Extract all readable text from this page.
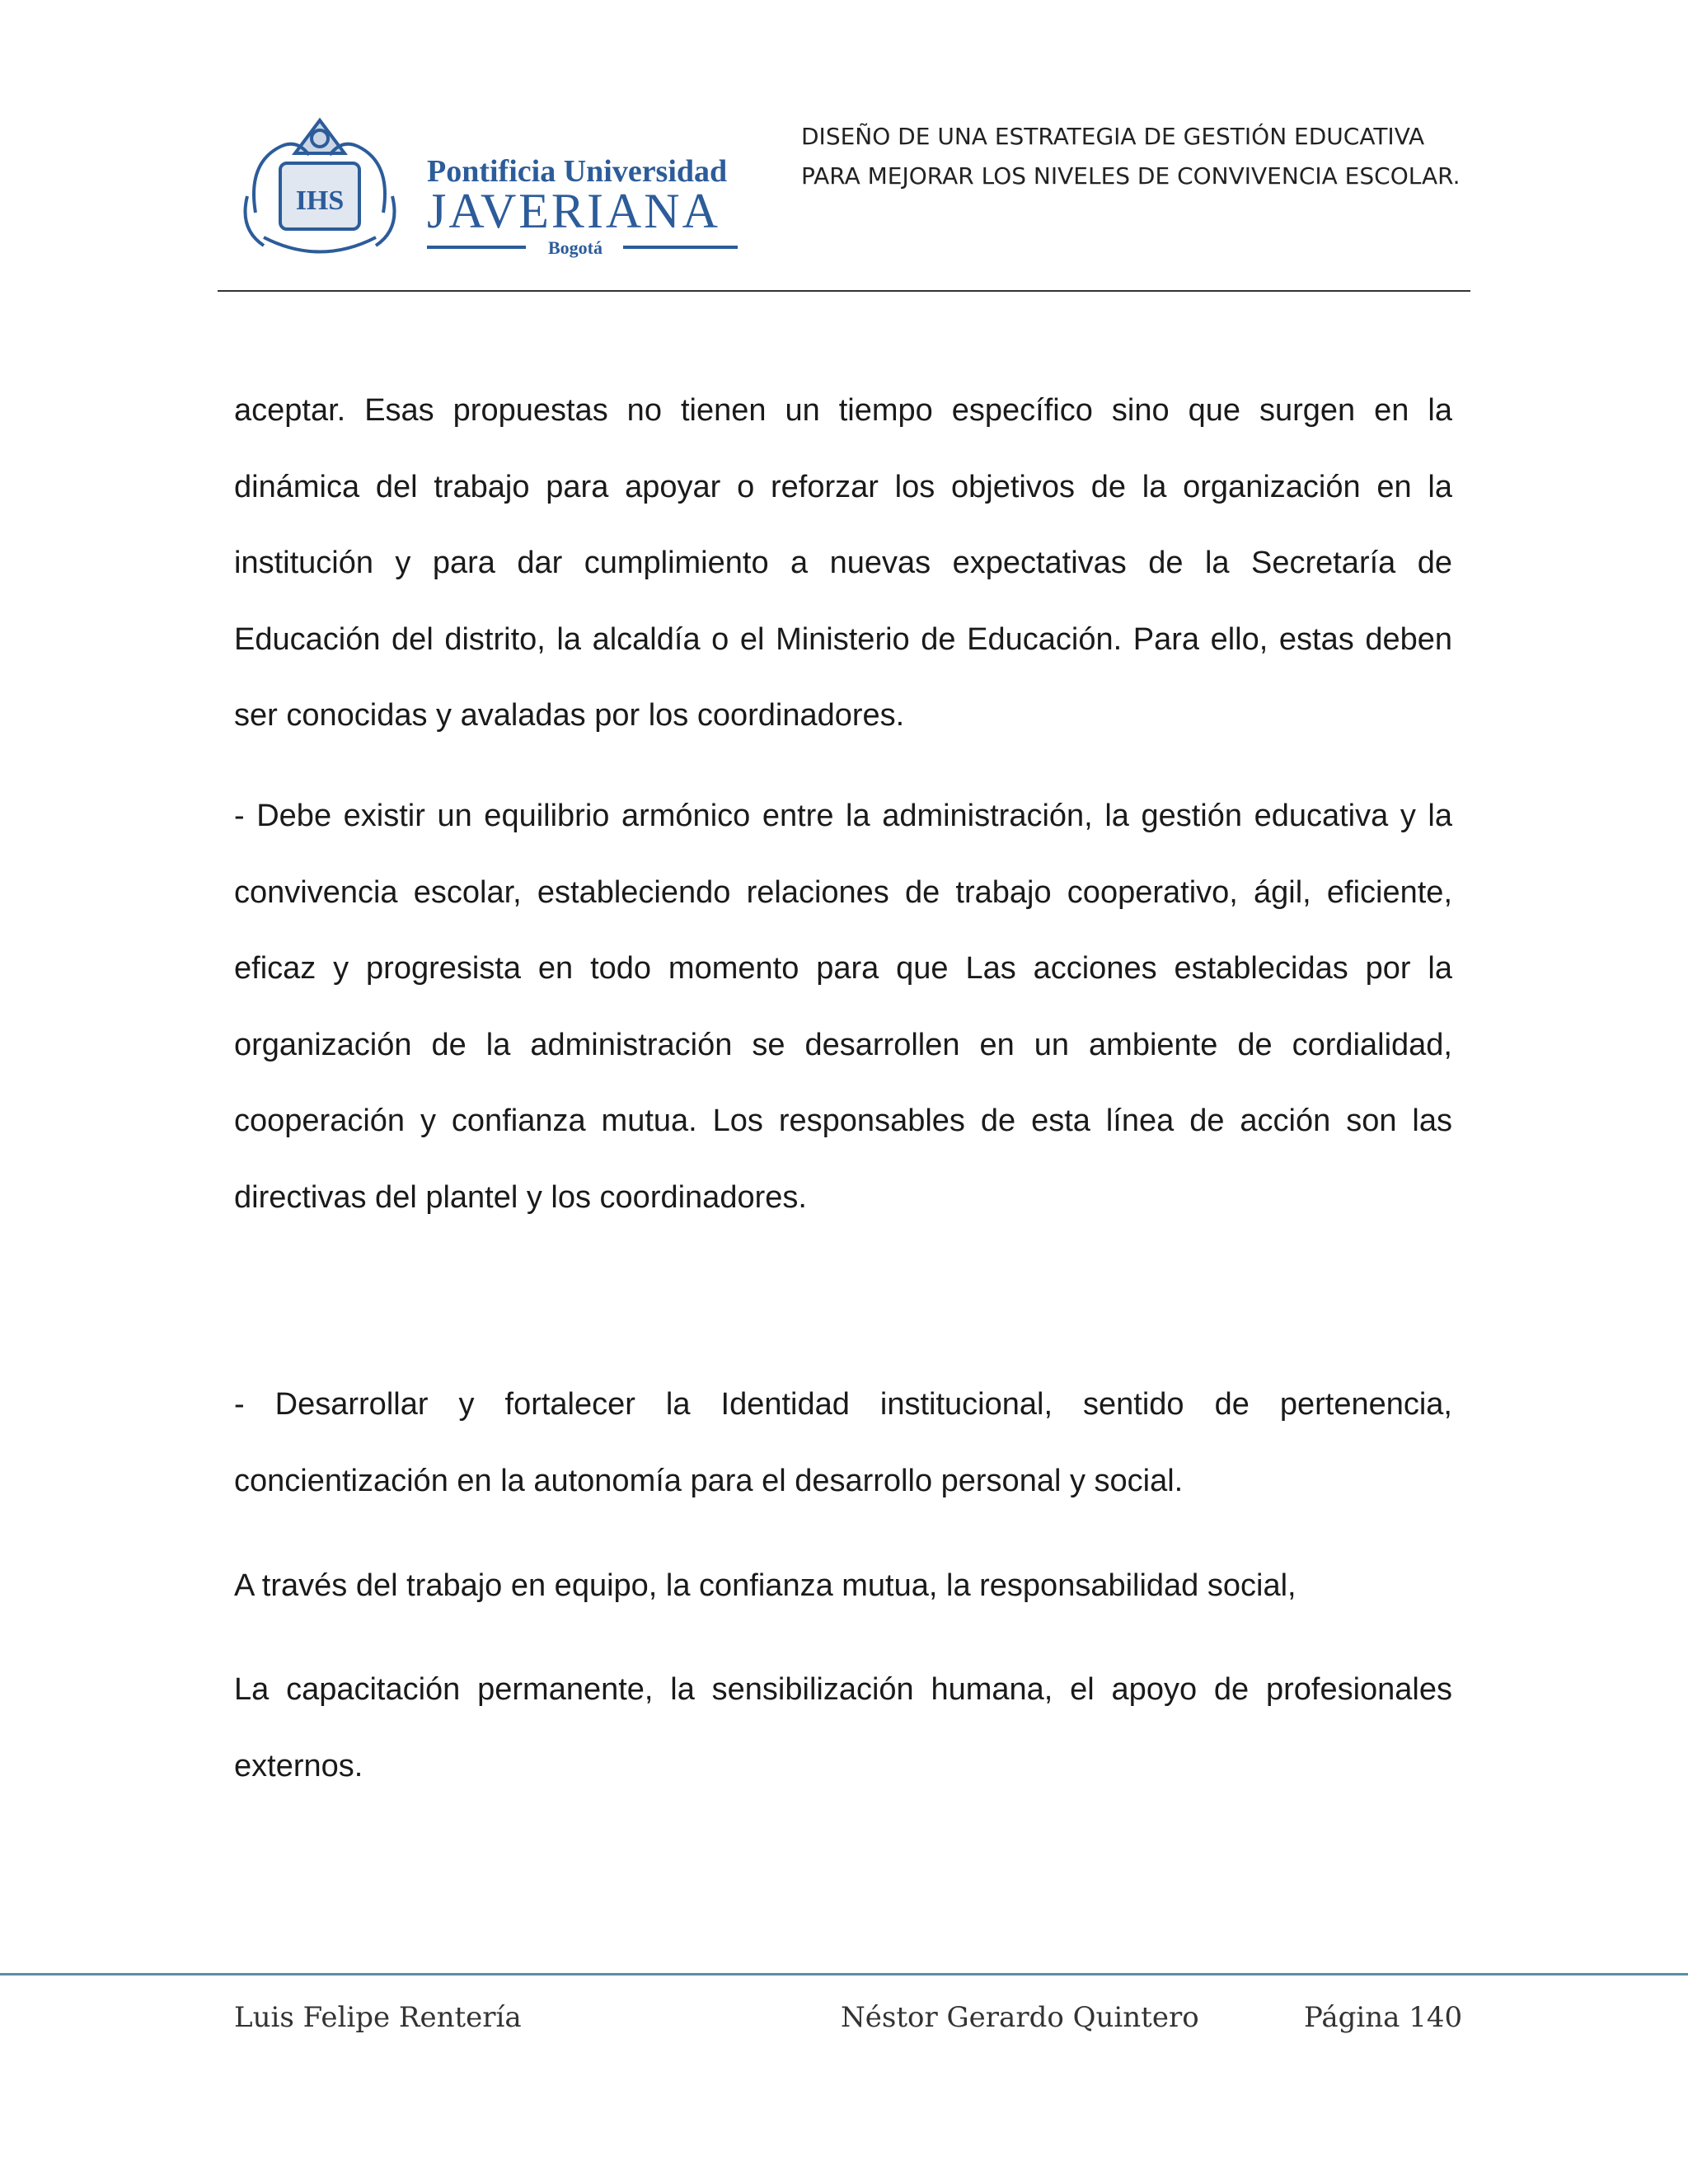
IHS
Pontificia Universidad
JAVERIANA
Bogotá
DISEÑO DE UNA ESTRATEGIA DE GESTIÓN EDUCATIVA
PARA MEJORAR LOS NIVELES DE CONVIVENCIA ESCOLAR.
aceptar. Esas propuestas no tienen un tiempo específico sino que surgen en la dinámica del trabajo para apoyar o reforzar los objetivos de la organización en la institución y para dar cumplimiento a nuevas expectativas de la Secretaría de Educación del distrito, la alcaldía o el Ministerio de Educación. Para ello, estas deben ser conocidas y avaladas por los coordinadores.
- Debe existir un equilibrio armónico entre la administración, la gestión educativa y la convivencia escolar, estableciendo relaciones de trabajo cooperativo, ágil, eficiente, eficaz y progresista en todo momento para que Las acciones establecidas por la organización de la administración se desarrollen en un ambiente de cordialidad, cooperación y confianza mutua. Los responsables de esta línea de acción son las directivas del plantel y los coordinadores.
- Desarrollar y fortalecer la Identidad institucional, sentido de pertenencia, concientización en la autonomía para el desarrollo personal y social.
A través del trabajo en equipo, la confianza mutua, la responsabilidad social,
La capacitación permanente, la sensibilización humana, el apoyo de profesionales externos.
Luis Felipe Rentería	Néstor Gerardo Quintero	Página 140
